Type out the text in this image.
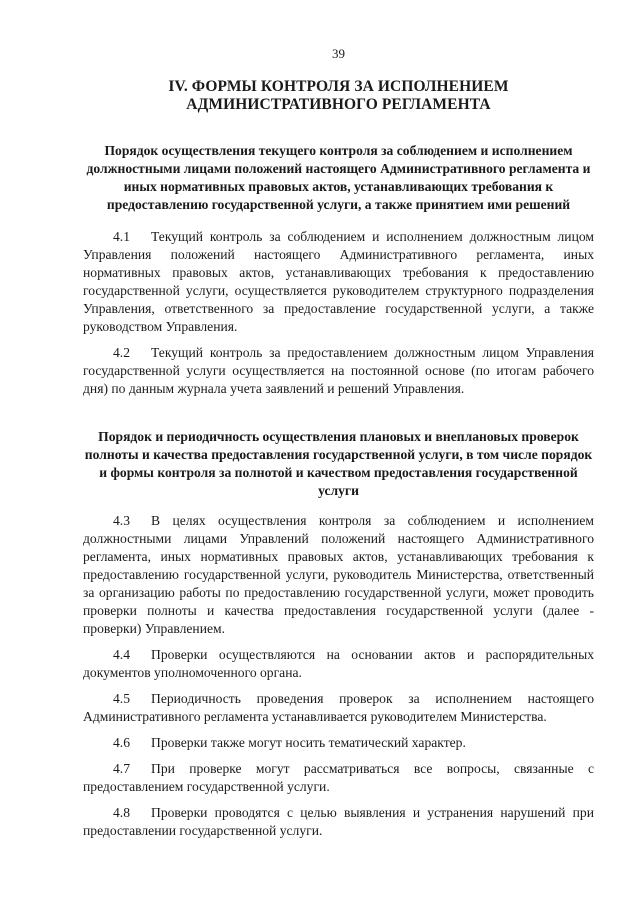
39
IV. ФОРМЫ КОНТРОЛЯ ЗА ИСПОЛНЕНИЕМ АДМИНИСТРАТИВНОГО РЕГЛАМЕНТА
Порядок осуществления текущего контроля за соблюдением и исполнением должностными лицами положений настоящего Административного регламента и иных нормативных правовых актов, устанавливающих требования к предоставлению государственной услуги, а также принятием ими решений

4.1 Текущий контроль за соблюдением и исполнением должностным лицом Управления положений настоящего Административного регламента, иных нормативных правовых актов, устанавливающих требования к предоставлению государственной услуги, осуществляется руководителем структурного подразделения Управления, ответственного за предоставление государственной услуги, а также руководством Управления.

4.2 Текущий контроль за предоставлением должностным лицом Управления государственной услуги осуществляется на постоянной основе (по итогам рабочего дня) по данным журнала учета заявлений и решений Управления.

Порядок и периодичность осуществления плановых и внеплановых проверок полноты и качества предоставления государственной услуги, в том числе порядок и формы контроля за полнотой и качеством предоставления государственной услуги

4.3 В целях осуществления контроля за соблюдением и исполнением должностными лицами Управлений положений настоящего Административного регламента, иных нормативных правовых актов, устанавливающих требования к предоставлению государственной услуги, руководитель Министерства, ответственный за организацию работы по предоставлению государственной услуги, может проводить проверки полноты и качества предоставления государственной услуги (далее - проверки) Управлением.

4.4 Проверки осуществляются на основании актов и распорядительных документов уполномоченного органа.

4.5 Периодичность проведения проверок за исполнением настоящего Административного регламента устанавливается руководителем Министерства.

4.6 Проверки также могут носить тематический характер.

4.7 При проверке могут рассматриваться все вопросы, связанные с предоставлением государственной услуги.

4.8 Проверки проводятся с целью выявления и устранения нарушений при предоставлении государственной услуги.
